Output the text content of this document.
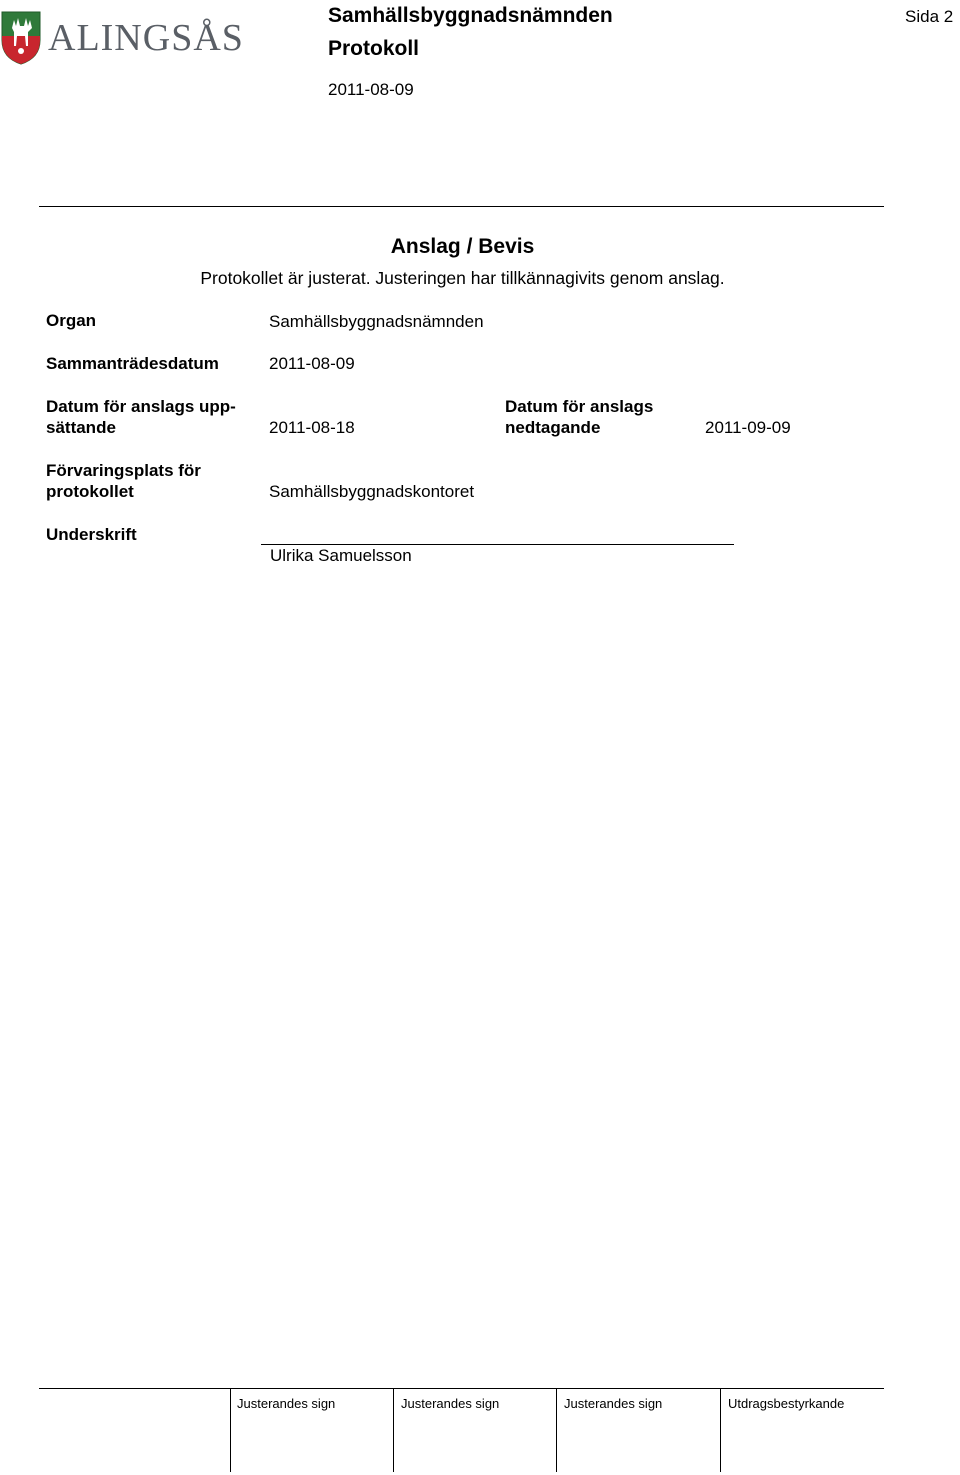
ALINGSÅS
Samhällsbyggnadsnämnden
Protokoll
2011-08-09
Sida 2
Anslag / Bevis
Protokollet är justerat. Justeringen har tillkännagivits genom anslag.
Organ	Samhällsbyggnadsnämnden
Sammanträdesdatum	2011-08-09
Datum för anslags upp-
sättande	2011-08-18
Datum för anslags
nedtagande	2011-09-09
Förvaringsplats för
protokollet	Samhällsbyggnadskontoret
Underskrift
Ulrika Samuelsson
Justerandes sign	Justerandes sign	Justerandes sign	Utdragsbestyrkande
